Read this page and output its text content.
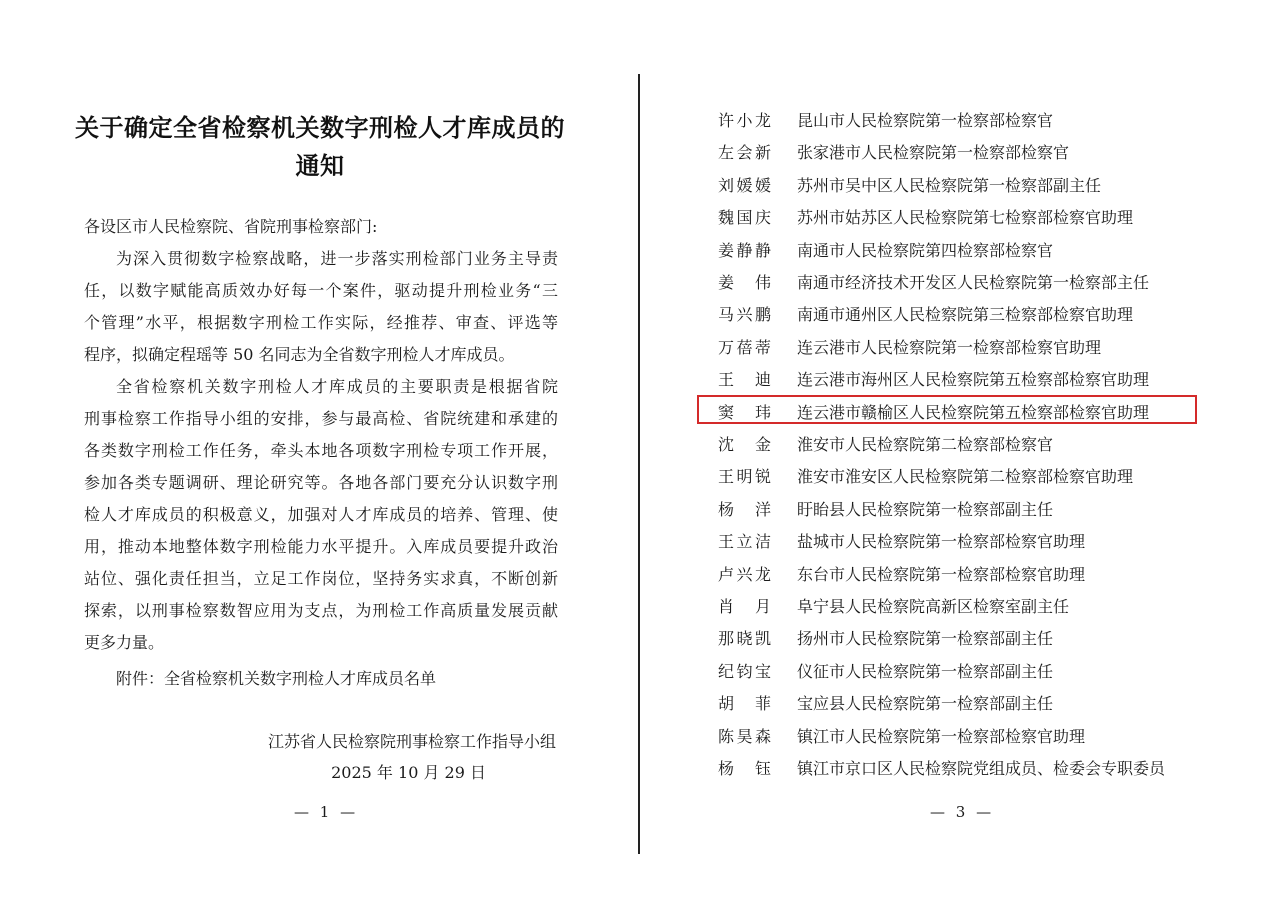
关于确定全省检察机关数字刑检人才库成员的
通知
各设区市人民检察院、省院刑事检察部门:
为深入贯彻数字检察战略，进一步落实刑检部门业务主导责
任，以数字赋能高质效办好每一个案件，驱动提升刑检业务“三
个管理”水平，根据数字刑检工作实际，经推荐、审查、评选等
程序，拟确定程瑶等 50 名同志为全省数字刑检人才库成员。
全省检察机关数字刑检人才库成员的主要职责是根据省院
刑事检察工作指导小组的安排，参与最高检、省院统建和承建的
各类数字刑检工作任务，牵头本地各项数字刑检专项工作开展，
参加各类专题调研、理论研究等。各地各部门要充分认识数字刑
检人才库成员的积极意义，加强对人才库成员的培养、管理、使
用，推动本地整体数字刑检能力水平提升。入库成员要提升政治
站位、强化责任担当，立足工作岗位，坚持务实求真，不断创新
探索，以刑事检察数智应用为支点，为刑检工作高质量发展贡献
更多力量。
附件：全省检察机关数字刑检人才库成员名单
江苏省人民检察院刑事检察工作指导小组
2025 年 10 月 29 日
— 1 —
许小龙 昆山市人民检察院第一检察部检察官
左会新 张家港市人民检察院第一检察部检察官
刘媛媛 苏州市吴中区人民检察院第一检察部副主任
魏国庆 苏州市姑苏区人民检察院第七检察部检察官助理
姜静静 南通市人民检察院第四检察部检察官
姜伟 南通市经济技术开发区人民检察院第一检察部主任
马兴鹏 南通市通州区人民检察院第三检察部检察官助理
万蓓蒂 连云港市人民检察院第一检察部检察官助理
王迪 连云港市海州区人民检察院第五检察部检察官助理
窦玮 连云港市赣榆区人民检察院第五检察部检察官助理
沈金 淮安市人民检察院第二检察部检察官
王明锐 淮安市淮安区人民检察院第二检察部检察官助理
杨洋 盱眙县人民检察院第一检察部副主任
王立洁 盐城市人民检察院第一检察部检察官助理
卢兴龙 东台市人民检察院第一检察部检察官助理
肖月 阜宁县人民检察院高新区检察室副主任
那晓凯 扬州市人民检察院第一检察部副主任
纪钧宝 仪征市人民检察院第一检察部副主任
胡菲 宝应县人民检察院第一检察部副主任
陈昊森 镇江市人民检察院第一检察部检察官助理
杨钰 镇江市京口区人民检察院党组成员、检委会专职委员
— 3 —
